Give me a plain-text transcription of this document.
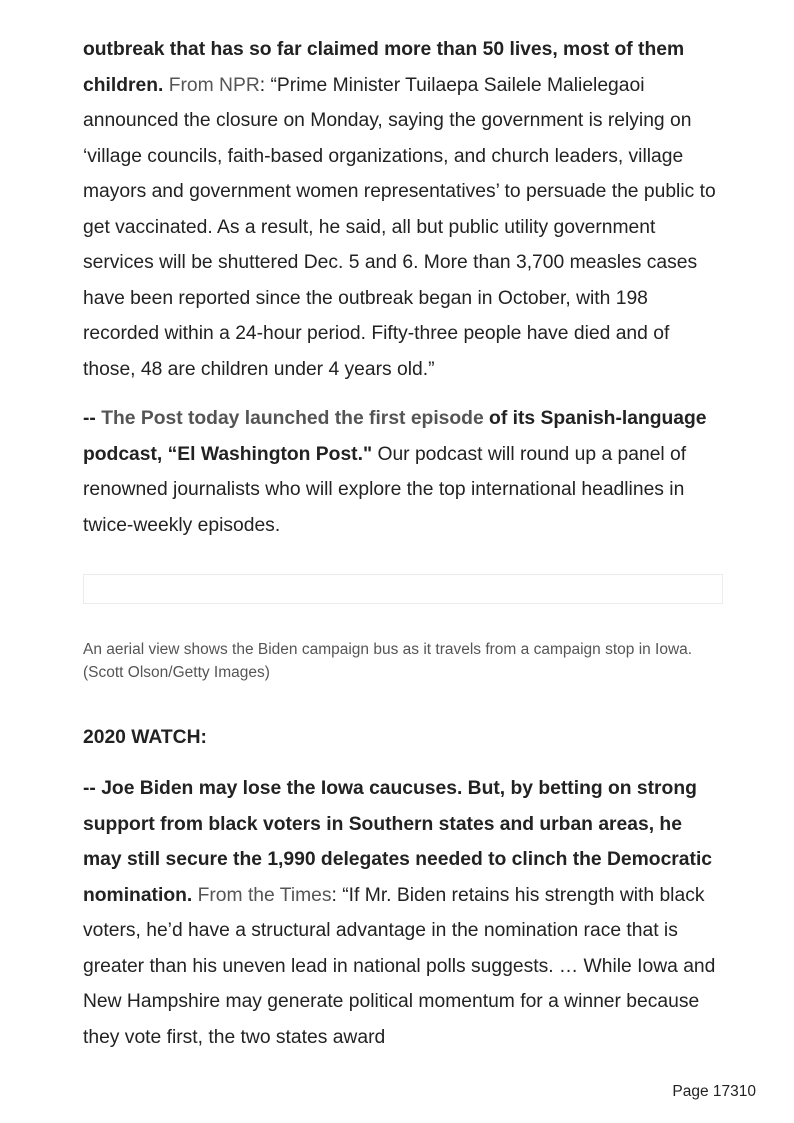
outbreak that has so far claimed more than 50 lives, most of them children. From NPR: “Prime Minister Tuilaepa Sailele Malielegaoi announced the closure on Monday, saying the government is relying on ‘village councils, faith-based organizations, and church leaders, village mayors and government women representatives’ to persuade the public to get vaccinated. As a result, he said, all but public utility government services will be shuttered Dec. 5 and 6. More than 3,700 measles cases have been reported since the outbreak began in October, with 198 recorded within a 24-hour period. Fifty-three people have died and of those, 48 are children under 4 years old.”

-- The Post today launched the first episode of its Spanish-language podcast, “El Washington Post." Our podcast will round up a panel of renowned journalists who will explore the top international headlines in twice-weekly episodes.

An aerial view shows the Biden campaign bus as it travels from a campaign stop in Iowa. (Scott Olson/Getty Images)
2020 WATCH:

-- Joe Biden may lose the Iowa caucuses. But, by betting on strong support from black voters in Southern states and urban areas, he may still secure the 1,990 delegates needed to clinch the Democratic nomination. From the Times: “If Mr. Biden retains his strength with black voters, he’d have a structural advantage in the nomination race that is greater than his uneven lead in national polls suggests. … While Iowa and New Hampshire may generate political momentum for a winner because they vote first, the two states award

Page 17310
